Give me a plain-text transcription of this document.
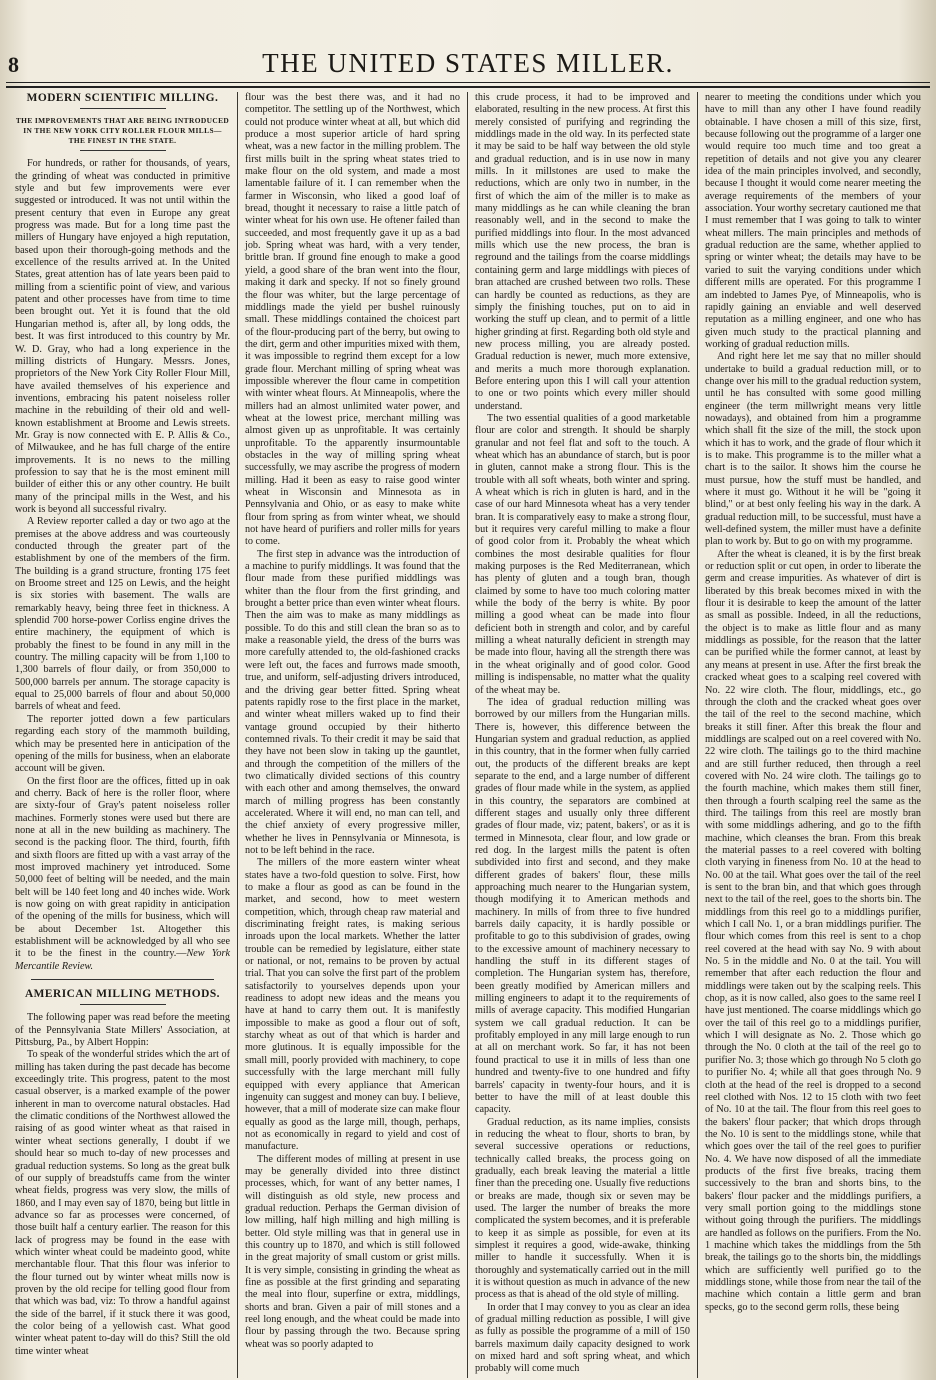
8	THE UNITED STATES MILLER.

MODERN SCIENTIFIC MILLING.

THE IMPROVEMENTS THAT ARE BEING INTRODUCED IN THE NEW YORK CITY ROLLER FLOUR MILLS—THE FINEST IN THE STATE.

For hundreds, or rather for thousands, of years, the grinding of wheat was conducted in primitive style and but few improvements were ever suggested or introduced. It was not until within the present century that even in Europe any great progress was made. But for a long time past the millers of Hungary have enjoyed a high reputation, based upon their thorough-going methods and the excellence of the results arrived at. In the United States, great attention has of late years been paid to milling from a scientific point of view, and various patent and other processes have from time to time been brought out. Yet it is found that the old Hungarian method is, after all, by long odds, the best. It was first introduced to this country by Mr. W. D. Gray, who had a long experience in the milling districts of Hungary. Messrs. Jones, proprietors of the New York City Roller Flour Mill, have availed themselves of his experience and inventions, embracing his patent noiseless roller machine in the rebuilding of their old and well-known establishment at Broome and Lewis streets. Mr. Gray is now connected with E. P. Allis & Co., of Milwaukee, and he has full charge of the entire improvements. It is no news to the milling profession to say that he is the most eminent mill builder of either this or any other country. He built many of the principal mills in the West, and his work is beyond all successful rivalry.

A Review reporter called a day or two ago at the premises at the above address and was courteously conducted through the greater part of the establishment by one of the members of the firm. The building is a grand structure, fronting 175 feet on Broome street and 125 on Lewis, and the height is six stories with basement. The walls are remarkably heavy, being three feet in thickness. A splendid 700 horse-power Corliss engine drives the entire machinery, the equipment of which is probably the finest to be found in any mill in the country. The milling capacity will be from 1,100 to 1,300 barrels of flour daily, or from 350,000 to 500,000 barrels per annum. The storage capacity is equal to 25,000 barrels of flour and about 50,000 barrels of wheat and feed.

The reporter jotted down a few particulars regarding each story of the mammoth building, which may be presented here in anticipation of the opening of the mills for business, when an elaborate account will be given.

On the first floor are the offices, fitted up in oak and cherry. Back of here is the roller floor, where are sixty-four of Gray's patent noiseless roller machines. Formerly stones were used but there are none at all in the new building as machinery. The second is the packing floor. The third, fourth, fifth and sixth floors are fitted up with a vast array of the most improved machinery yet introduced. Some 50,000 feet of belting will be needed, and the main belt will be 140 feet long and 40 inches wide. Work is now going on with great rapidity in anticipation of the opening of the mills for business, which will be about December 1st. Altogether this establishment will be acknowledged by all who see it to be the finest in the country.—New York Mercantile Review.

AMERICAN MILLING METHODS.

The following paper was read before the meeting of the Pennsylvania State Millers' Association, at Pittsburg, Pa., by Albert Hoppin:

To speak of the wonderful strides which the art of milling has taken during the past decade has become exceedingly trite. This progress, patent to the most casual observer, is a marked example of the power inherent in man to overcome natural obstacles. Had the climatic conditions of the Northwest allowed the raising of as good winter wheat as that raised in winter wheat sections generally, I doubt if we should hear so much to-day of new processes and gradual reduction systems. So long as the great bulk of our supply of breadstuffs came from the winter wheat fields, progress was very slow, the mills of 1860, and I may even say of 1870, being but little in advance so far as processes were concerned, of those built half a century earlier. The reason for this lack of progress may be found in the ease with which winter wheat could be madeinto good, white merchantable flour. That this flour was inferior to the flour turned out by winter wheat mills now is proven by the old recipe for telling good flour from that which was bad, viz: To throw a handful against the side of the barrel, if it stuck there it was good, the color being of a yellowish cast. What good winter wheat patent to-day will do this? Still the old time winter wheat

flour was the best there was, and it had no competitor. The settling up of the Northwest, which could not produce winter wheat at all, but which did produce a most superior article of hard spring wheat, was a new factor in the milling problem. The first mills built in the spring wheat states tried to make flour on the old system, and made a most lamentable failure of it. I can remember when the farmer in Wisconsin, who liked a good loaf of bread, thought it necessary to raise a little patch of winter wheat for his own use. He oftener failed than succeeded, and most frequently gave it up as a bad job. Spring wheat was hard, with a very tender, brittle bran. If ground fine enough to make a good yield, a good share of the bran went into the flour, making it dark and specky. If not so finely ground the flour was whiter, but the large percentage of middlings made the yield per bushel ruinously small. These middlings contained the choicest part of the flour-producing part of the berry, but owing to the dirt, germ and other impurities mixed with them, it was impossible to regrind them except for a low grade flour. Merchant milling of spring wheat was impossible wherever the flour came in competition with winter wheat flours. At Minneapolis, where the millers had an almost unlimited water power, and wheat at the lowest price, merchant milling was almost given up as unprofitable. It was certainly unprofitable. To the apparently insurmountable obstacles in the way of milling spring wheat successfully, we may ascribe the progress of modern milling. Had it been as easy to raise good winter wheat in Wisconsin and Minnesota as in Pennsylvania and Ohio, or as easy to make white flour from spring as from winter wheat, we should not have heard of purifiers and roller mills for years to come.

The first step in advance was the introduction of a machine to purify middlings. It was found that the flour made from these purified middlings was whiter than the flour from the first grinding, and brought a better price than even winter wheat flours. Then the aim was to make as many middlings as possible. To do this and still clean the bran so as to make a reasonable yield, the dress of the burrs was more carefully attended to, the old-fashioned cracks were left out, the faces and furrows made smooth, true, and uniform, self-adjusting drivers introduced, and the driving gear better fitted. Spring wheat patents rapidly rose to the first place in the market, and winter wheat millers waked up to find their vantage ground occupied by their hitherto contemned rivals. To their credit it may be said that they have not been slow in taking up the gauntlet, and through the competition of the millers of the two climatically divided sections of this country with each other and among themselves, the onward march of milling progress has been constantly accelerated. Where it will end, no man can tell, and the chief anxiety of every progressive miller, whether he lives in Pennsylvania or Minnesota, is not to be left behind in the race.

The millers of the more eastern winter wheat states have a two-fold question to solve. First, how to make a flour as good as can be found in the market, and second, how to meet western competition, which, through cheap raw material and discriminating freight rates, is making serious inroads upon the local markets. Whether the latter trouble can be remedied by legislature, either state or national, or not, remains to be proven by actual trial. That you can solve the first part of the problem satisfactorily to yourselves depends upon your readiness to adopt new ideas and the means you have at hand to carry them out. It is manifestly impossible to make as good a flour out of soft, starchy wheat as out of that which is harder and more glutinous. It is equally impossible for the small mill, poorly provided with machinery, to cope successfully with the large merchant mill fully equipped with every appliance that American ingenuity can suggest and money can buy. I believe, however, that a mill of moderate size can make flour equally as good as the large mill, though, perhaps, not as economically in regard to yield and cost of manufacture.

The different modes of milling at present in use may be generally divided into three distinct processes, which, for want of any better names, I will distinguish as old style, new process and gradual reduction. Perhaps the German division of low milling, half high milling and high milling is better. Old style milling was that in general use in this country up to 1870, and which is still followed in the great majority of small custom or grist mills. It is very simple, consisting in grinding the wheat as fine as possible at the first grinding and separating the meal into flour, superfine or extra, middlings, shorts and bran. Given a pair of mill stones and a reel long enough, and the wheat could be made into flour by passing through the two. Because spring wheat was so poorly adapted to

this crude process, it had to be improved and elaborated, resulting in the new process. At first this merely consisted of purifying and regrinding the middlings made in the old way. In its perfected state it may be said to be half way between the old style and gradual reduction, and is in use now in many mills. In it millstones are used to make the reductions, which are only two in number, in the first of which the aim of the miller is to make as many middlings as he can while cleaning the bran reasonably well, and in the second to make the purified middlings into flour. In the most advanced mills which use the new process, the bran is reground and the tailings from the coarse middlings containing germ and large middlings with pieces of bran attached are crushed between two rolls. These can hardly be counted as reductions, as they are simply the finishing touches, put on to aid in working the stuff up clean, and to permit of a little higher grinding at first. Regarding both old style and new process milling, you are already posted. Gradual reduction is newer, much more extensive, and merits a much more thorough explanation. Before entering upon this I will call your attention to one or two points which every miller should understand.

The two essential qualities of a good marketable flour are color and strength. It should be sharply granular and not feel flat and soft to the touch. A wheat which has an abundance of starch, but is poor in gluten, cannot make a strong flour. This is the trouble with all soft wheats, both winter and spring. A wheat which is rich in gluten is hard, and in the case of our hard Minnesota wheat has a very tender bran. It is comparatively easy to make a strong flour, but it requires very careful milling to make a flour of good color from it. Probably the wheat which combines the most desirable qualities for flour making purposes is the Red Mediterranean, which has plenty of gluten and a tough bran, though claimed by some to have too much coloring matter while the body of the berry is white. By poor milling a good wheat can be made into flour deficient both in strength and color, and by careful milling a wheat naturally deficient in strength may be made into flour, having all the strength there was in the wheat originally and of good color. Good milling is indispensable, no matter what the quality of the wheat may be.

The idea of gradual reduction milling was borrowed by our millers from the Hungarian mills. There is, however, this difference between the Hungarian system and gradual reduction, as applied in this country, that in the former when fully carried out, the products of the different breaks are kept separate to the end, and a large number of different grades of flour made while in the system, as applied in this country, the separators are combined at different stages and usually only three different grades of flour made, viz; patent, bakers', or as it is termed in Minnesota, clear flour, and low grade or red dog. In the largest mills the patent is often subdivided into first and second, and they make different grades of bakers' flour, these mills approaching much nearer to the Hungarian system, though modifying it to American methods and machinery. In mills of from three to five hundred barrels daily capacity, it is hardly possible or profitable to go to this subdivision of grades, owing to the excessive amount of machinery necessary to handling the stuff in its different stages of completion. The Hungarian system has, therefore, been greatly modified by American millers and milling engineers to adapt it to the requirements of mills of average capacity. This modified Hungarian system we call gradual reduction. It can be profitably employed in any mill large enough to run at all on merchant work. So far, it has not been found practical to use it in mills of less than one hundred and twenty-five to one hundred and fifty barrels' capacity in twenty-four hours, and it is better to have the mill of at least double this capacity.

Gradual reduction, as its name implies, consists in reducing the wheat to flour, shorts to bran, by several successive operations or reductions, technically called breaks, the process going on gradually, each break leaving the material a little finer than the preceding one. Usually five reductions or breaks are made, though six or seven may be used. The larger the number of breaks the more complicated the system becomes, and it is preferable to keep it as simple as possible, for even at its simplest it requires a good, wide-awake, thinking miller to handle it successfully. When it is thoroughly and systematically carried out in the mill it is without question as much in advance of the new process as that is ahead of the old style of milling.

In order that I may convey to you as clear an idea of gradual milling reduction as possible, I will give as fully as possible the programme of a mill of 150 barrels maximum daily capacity designed to work on mixed hard and soft spring wheat, and which probably will come much

nearer to meeting the conditions under which you have to mill than any other I have found readily obtainable. I have chosen a mill of this size, first, because following out the programme of a larger one would require too much time and too great a repetition of details and not give you any clearer idea of the main principles involved, and secondly, because I thought it would come nearer meeting the average requirements of the members of your association. Your worthy secretary cautioned me that I must remember that I was going to talk to winter wheat millers. The main principles and methods of gradual reduction are the same, whether applied to spring or winter wheat; the details may have to be varied to suit the varying conditions under which different mills are operated. For this programme I am indebted to James Pye, of Minneapolis, who is rapidly gaining an enviable and well deserved reputation as a milling engineer, and one who has given much study to the practical planning and working of gradual reduction mills.

And right here let me say that no miller should undertake to build a gradual reduction mill, or to change over his mill to the gradual reduction system, until he has consulted with some good milling engineer (the term millwright means very little nowadays), and obtained from him a programme which shall fit the size of the mill, the stock upon which it has to work, and the grade of flour which it is to make. This programme is to the miller what a chart is to the sailor. It shows him the course he must pursue, how the stuff must be handled, and where it must go. Without it he will be "going it blind," or at best only feeling his way in the dark. A gradual reduction mill, to be successful, must have a well-defined system, the miller must have a definite plan to work by. But to go on with my programme.

After the wheat is cleaned, it is by the first break or reduction split or cut open, in order to liberate the germ and crease impurities. As whatever of dirt is liberated by this break becomes mixed in with the flour it is desirable to keep the amount of the latter as small as possible. Indeed, in all the reductions, the object is to make as little flour and as many middlings as possible, for the reason that the latter can be purified while the former cannot, at least by any means at present in use. After the first break the cracked wheat goes to a scalping reel covered with No. 22 wire cloth. The flour, middlings, etc., go through the cloth and the cracked wheat goes over the tail of the reel to the second machine, which breaks it still finer. After this break the flour and middlings are scalped out on a reel covered with No. 22 wire cloth. The tailings go to the third machine and are still further reduced, then through a reel covered with No. 24 wire cloth. The tailings go to the fourth machine, which makes them still finer, then through a fourth scalping reel the same as the third. The tailings from this reel are mostly bran with some middlings adhering, and go to the fifth machine, which cleanses the bran. From this break the material passes to a reel covered with bolting cloth varying in fineness from No. 10 at the head to No. 00 at the tail. What goes over the tail of the reel is sent to the bran bin, and that which goes through next to the tail of the reel, goes to the shorts bin. The middlings from this reel go to a middlings purifier, which I call No. 1, or a bran middlings purifier. The flour which comes from this reel is sent to a chop reel covered at the head with say No. 9 with about No. 5 in the middle and No. 0 at the tail. You will remember that after each reduction the flour and middlings were taken out by the scalping reels. This chop, as it is now called, also goes to the same reel I have just mentioned. The coarse middlings which go over the tail of this reel go to a middlings purifier, which I will designate as No. 2. Those which go through the No. 0 cloth at the tail of the reel go to purifier No. 3; those which go through No 5 cloth go to purifier No. 4; while all that goes through No. 9 cloth at the head of the reel is dropped to a second reel clothed with Nos. 12 to 15 cloth with two feet of No. 10 at the tail. The flour from this reel goes to the bakers' flour packer; that which drops through the No. 10 is sent to the middlings stone, while that which goes over the tail of the reel goes to purifier No. 4. We have now disposed of all the immediate products of the first five breaks, tracing them successively to the bran and shorts bins, to the bakers' flour packer and the middlings purifiers, a very small portion going to the middlings stone without going through the purifiers. The middlings are handled as follows on the purifiers. From the No. 1 machine which takes the middlings from the 5th break, the tailings go to the shorts bin, the middlings which are sufficiently well purified go to the middlings stone, while those from near the tail of the machine which contain a little germ and bran specks, go to the second germ rolls, these being
